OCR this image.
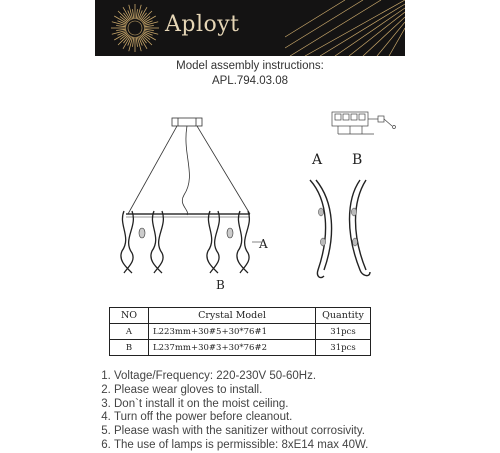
Aployt
Model assembly instructions:
APL.794.03.08
A
B
A B
NO	Crystal Model	Quantity
A	L223mm+30#5+30*76#1	31pcs
B	L237mm+30#3+30*76#2	31pcs
1. Voltage/Frequency: 220-230V 50-60Hz.
2. Please wear gloves to install.
3. Don`t install it on the moist ceiling.
4. Turn off the power before cleanout.
5. Please wash with the sanitizer without corrosivity.
6. The use of lamps is permissible: 8xE14 max 40W.
